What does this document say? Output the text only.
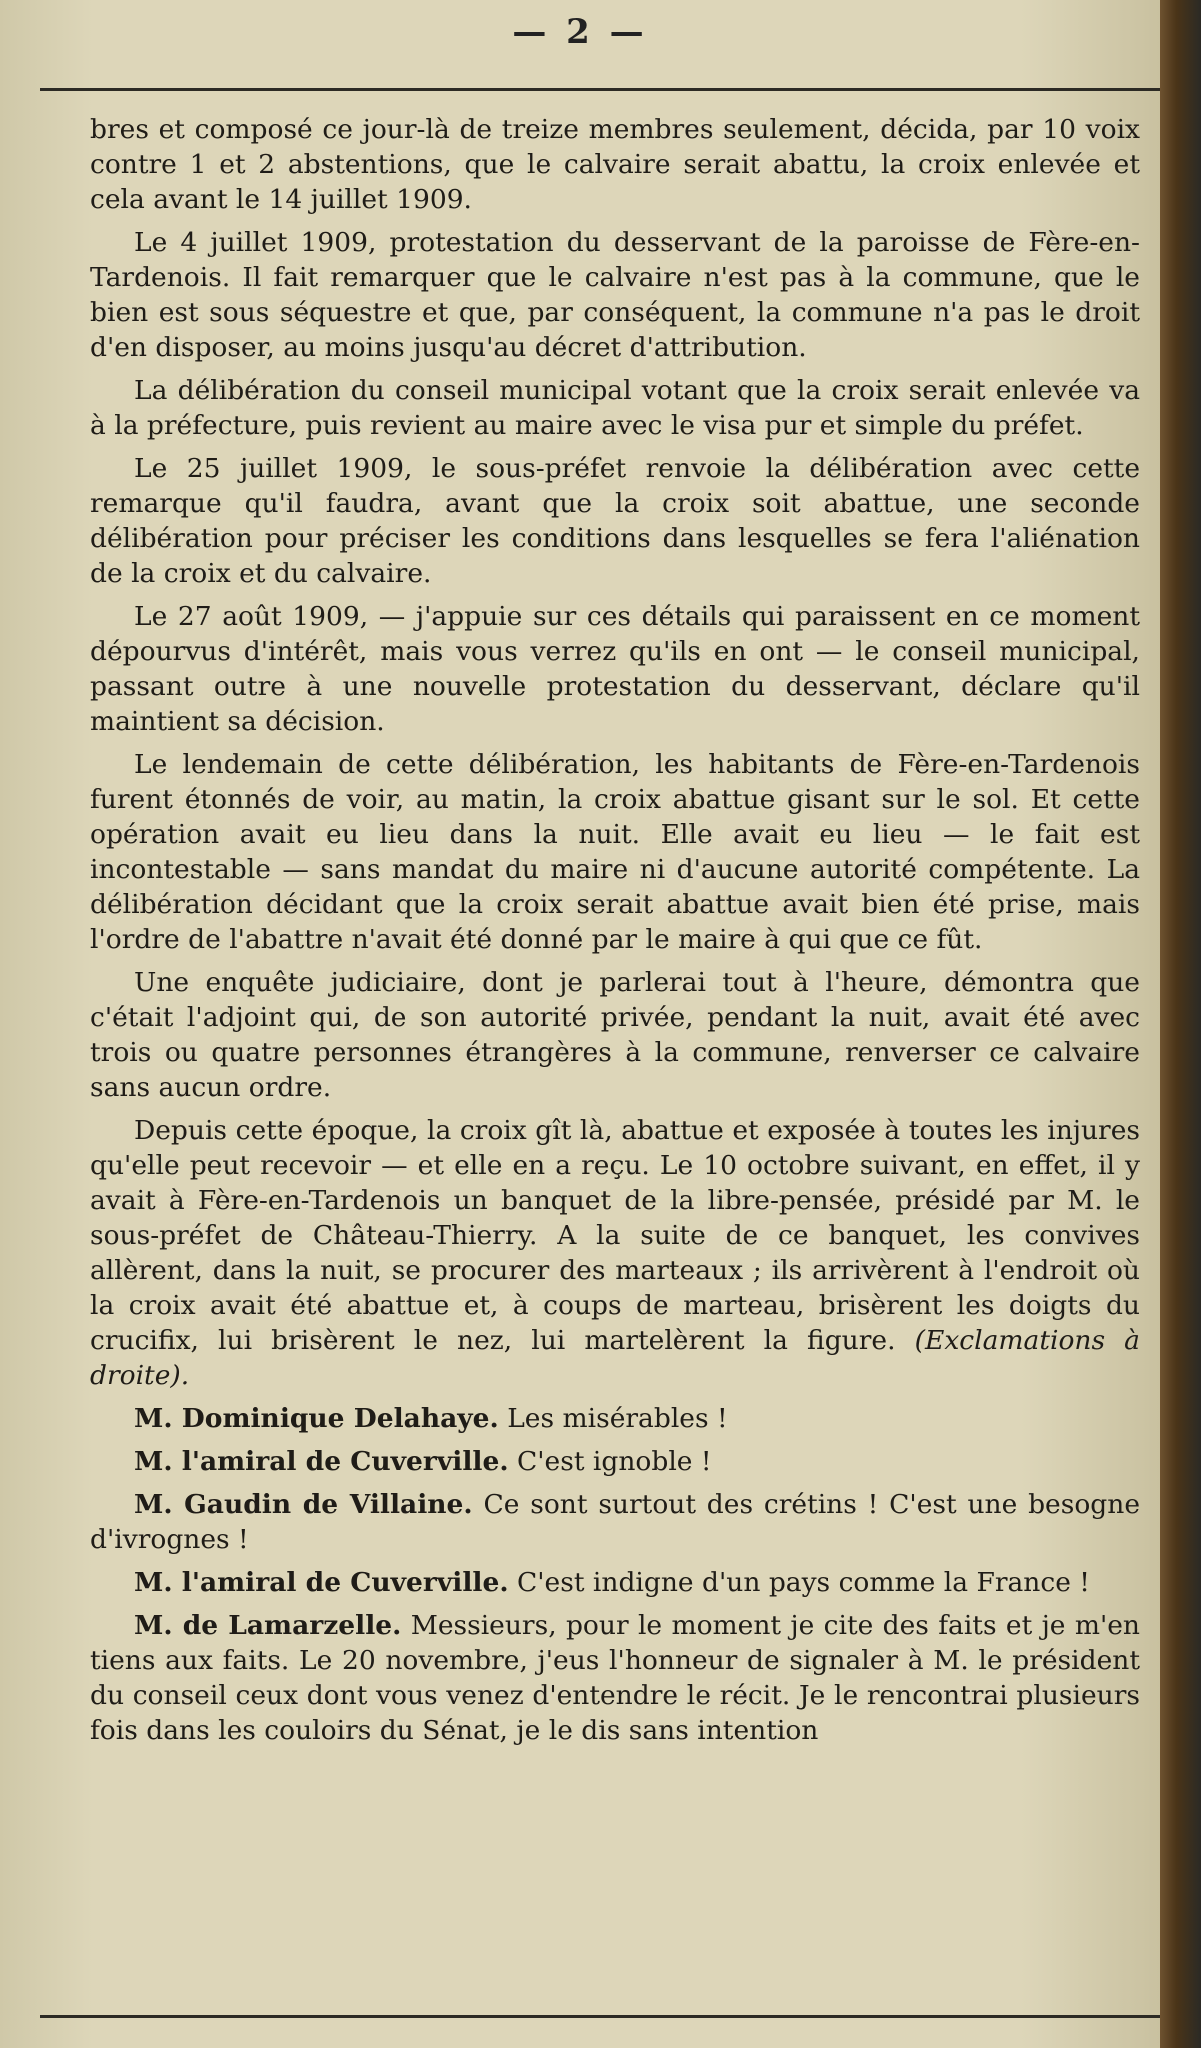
— 2 —

bres et composé ce jour-là de treize membres seulement, décida, par 10 voix contre 1 et 2 abstentions, que le calvaire serait abattu, la croix enlevée et cela avant le 14 juillet 1909.

Le 4 juillet 1909, protestation du desservant de la paroisse de Fère-en-Tardenois. Il fait remarquer que le calvaire n'est pas à la commune, que le bien est sous séquestre et que, par conséquent, la commune n'a pas le droit d'en disposer, au moins jusqu'au décret d'attribution.

La délibération du conseil municipal votant que la croix serait enlevée va à la préfecture, puis revient au maire avec le visa pur et simple du préfet.

Le 25 juillet 1909, le sous-préfet renvoie la délibération avec cette remarque qu'il faudra, avant que la croix soit abattue, une seconde délibération pour préciser les conditions dans lesquelles se fera l'aliénation de la croix et du calvaire.

Le 27 août 1909, — j'appuie sur ces détails qui paraissent en ce moment dépourvus d'intérêt, mais vous verrez qu'ils en ont — le conseil municipal, passant outre à une nouvelle protestation du desservant, déclare qu'il maintient sa décision.

Le lendemain de cette délibération, les habitants de Fère-en-Tardenois furent étonnés de voir, au matin, la croix abattue gisant sur le sol. Et cette opération avait eu lieu dans la nuit. Elle avait eu lieu — le fait est incontestable — sans mandat du maire ni d'aucune autorité compétente. La délibération décidant que la croix serait abattue avait bien été prise, mais l'ordre de l'abattre n'avait été donné par le maire à qui que ce fût.

Une enquête judiciaire, dont je parlerai tout à l'heure, démontra que c'était l'adjoint qui, de son autorité privée, pendant la nuit, avait été avec trois ou quatre personnes étrangères à la commune, renverser ce calvaire sans aucun ordre.

Depuis cette époque, la croix gît là, abattue et exposée à toutes les injures qu'elle peut recevoir — et elle en a reçu. Le 10 octobre suivant, en effet, il y avait à Fère-en-Tardenois un banquet de la libre-pensée, présidé par M. le sous-préfet de Château-Thierry. A la suite de ce banquet, les convives allèrent, dans la nuit, se procurer des marteaux ; ils arrivèrent à l'endroit où la croix avait été abattue et, à coups de marteau, brisèrent les doigts du crucifix, lui brisèrent le nez, lui martelèrent la figure. (Exclamations à droite).

M. Dominique Delahaye. Les misérables !

M. l'amiral de Cuverville. C'est ignoble !

M. Gaudin de Villaine. Ce sont surtout des crétins ! C'est une besogne d'ivrognes !

M. l'amiral de Cuverville. C'est indigne d'un pays comme la France !

M. de Lamarzelle. Messieurs, pour le moment je cite des faits et je m'en tiens aux faits. Le 20 novembre, j'eus l'honneur de signaler à M. le président du conseil ceux dont vous venez d'entendre le récit. Je le rencontrai plusieurs fois dans les couloirs du Sénat, je le dis sans intention
